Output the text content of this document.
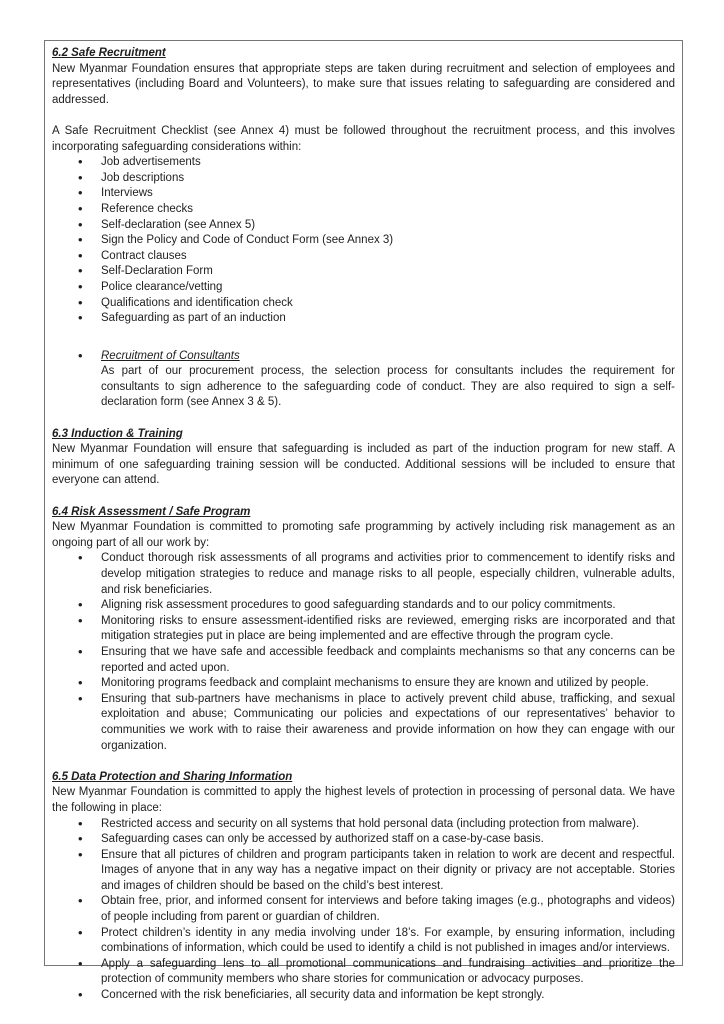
6.2 Safe Recruitment

New Myanmar Foundation ensures that appropriate steps are taken during recruitment and selection of employees and representatives (including Board and Volunteers), to make sure that issues relating to safeguarding are considered and addressed.

A Safe Recruitment Checklist (see Annex 4) must be followed throughout the recruitment process, and this involves incorporating safeguarding considerations within:

• Job advertisements
• Job descriptions
• Interviews
• Reference checks
• Self-declaration (see Annex 5)
• Sign the Policy and Code of Conduct Form (see Annex 3)
• Contract clauses
• Self-Declaration Form
• Police clearance/vetting
• Qualifications and identification check
• Safeguarding as part of an induction
• Recruitment of Consultants

As part of our procurement process, the selection process for consultants includes the requirement for consultants to sign adherence to the safeguarding code of conduct. They are also required to sign a self-declaration form (see Annex 3 & 5).

6.3 Induction & Training

New Myanmar Foundation will ensure that safeguarding is included as part of the induction program for new staff. A minimum of one safeguarding training session will be conducted. Additional sessions will be included to ensure that everyone can attend.

6.4 Risk Assessment / Safe Program

New Myanmar Foundation is committed to promoting safe programming by actively including risk management as an ongoing part of all our work by:

• Conduct thorough risk assessments of all programs and activities prior to commencement to identify risks and develop mitigation strategies to reduce and manage risks to all people, especially children, vulnerable adults, and risk beneficiaries.
• Aligning risk assessment procedures to good safeguarding standards and to our policy commitments.
• Monitoring risks to ensure assessment-identified risks are reviewed, emerging risks are incorporated and that mitigation strategies put in place are being implemented and are effective through the program cycle.
• Ensuring that we have safe and accessible feedback and complaints mechanisms so that any concerns can be reported and acted upon.
• Monitoring programs feedback and complaint mechanisms to ensure they are known and utilized by people.
• Ensuring that sub-partners have mechanisms in place to actively prevent child abuse, trafficking, and sexual exploitation and abuse; Communicating our policies and expectations of our representatives’ behavior to communities we work with to raise their awareness and provide information on how they can engage with our organization.
6.5 Data Protection and Sharing Information

New Myanmar Foundation is committed to apply the highest levels of protection in processing of personal data. We have the following in place:

• Restricted access and security on all systems that hold personal data (including protection from malware).
• Safeguarding cases can only be accessed by authorized staff on a case-by-case basis.
• Ensure that all pictures of children and program participants taken in relation to work are decent and respectful. Images of anyone that in any way has a negative impact on their dignity or privacy are not acceptable. Stories and images of children should be based on the child’s best interest.
• Obtain free, prior, and informed consent for interviews and before taking images (e.g., photographs and videos) of people including from parent or guardian of children.
• Protect children’s identity in any media involving under 18’s. For example, by ensuring information, including combinations of information, which could be used to identify a child is not published in images and/or interviews.
• Apply a safeguarding lens to all promotional communications and fundraising activities and prioritize the protection of community members who share stories for communication or advocacy purposes.
• Concerned with the risk beneficiaries, all security data and information be kept strongly.
